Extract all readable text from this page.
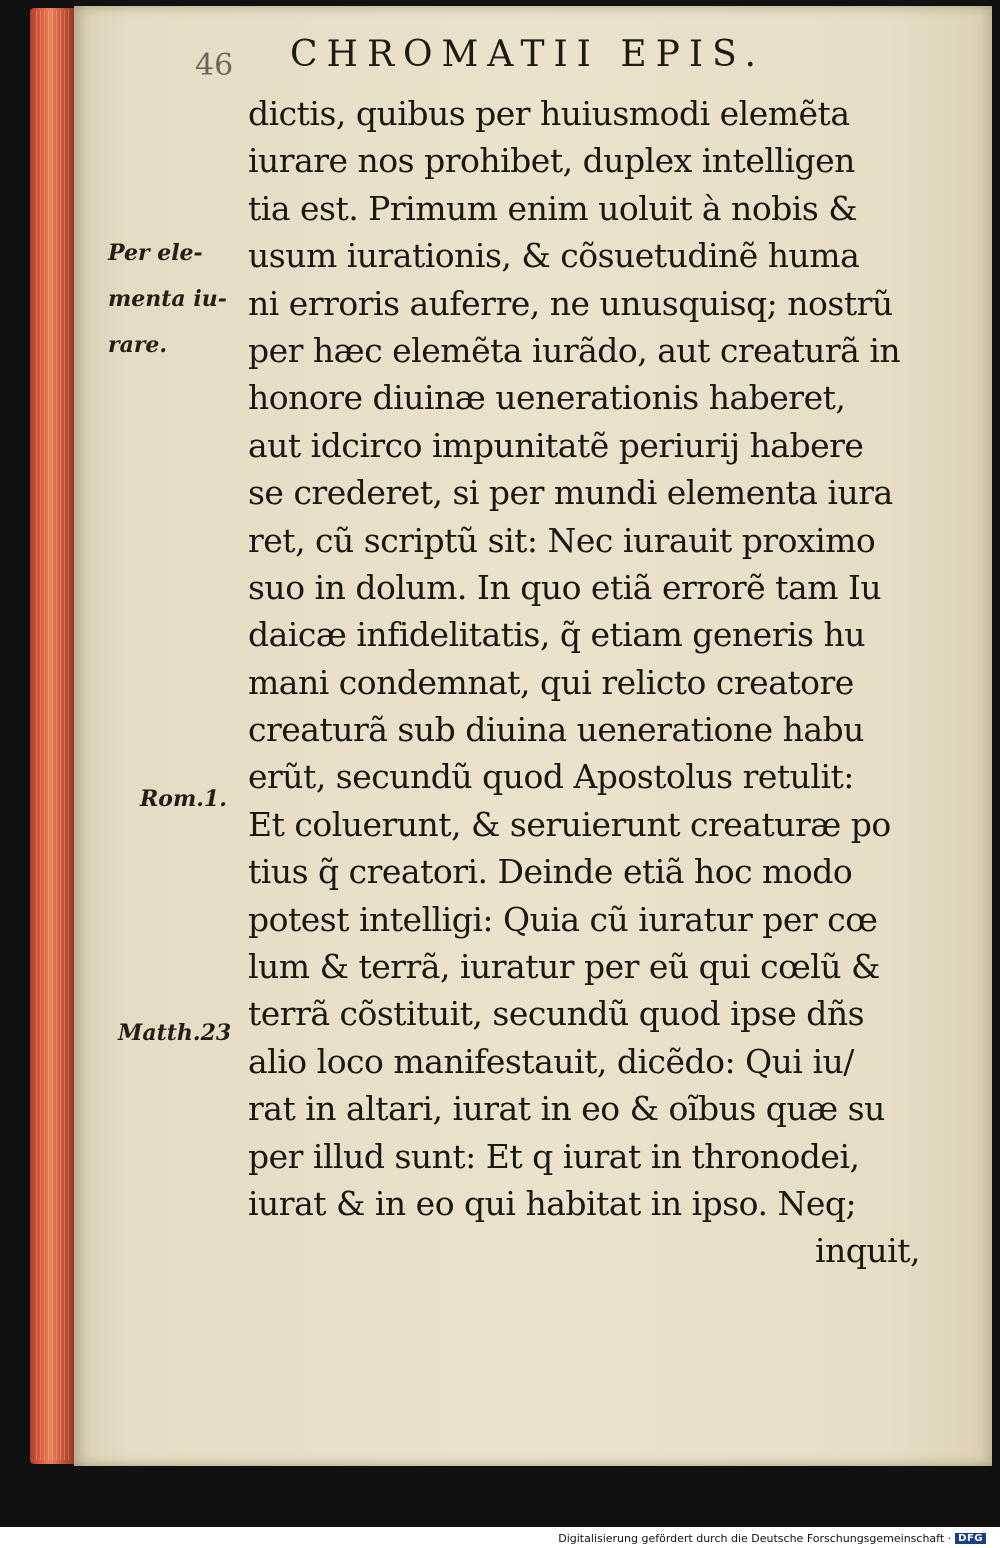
46 CHROMATII EPIS.
dictis, quibus per huiusmodi elemẽta
iurare nos prohibet, duplex intelligen
tia est. Primum enim uoluit à nobis &
usum iurationis, & cõsuetudinẽ huma
ni erroris auferre, ne unusquisq; nostrũ
per hæc elemẽta iurãdo, aut creaturã in
honore diuinæ uenerationis haberet,
aut idcirco impunitatẽ periurij habere
se crederet, si per mundi elementa iura
ret, cũ scriptũ sit: Nec iurauit proximo
suo in dolum. In quo etiã errorẽ tam Iu
daicæ infidelitatis, q̃ etiam generis hu
mani condemnat, qui relicto creatore
creaturã sub diuina ueneratione habu
erũt, secundũ quod Apostolus retulit:
Et coluerunt, & seruierunt creaturæ po
tius q̃ creatori. Deinde etiã hoc modo
potest intelligi: Quia cũ iuratur per cœ
lum & terrã, iuratur per eũ qui cœlũ &
terrã cõstituit, secundũ quod ipse dñs
alio loco manifestauit, dicẽdo: Qui iu/
rat in altari, iurat in eo & oĩbus quæ su
per illud sunt: Et q iurat in thronodei,
iurat & in eo qui habitat in ipso. Neq;
inquit,
Per ele-
menta iu-
rare.
Rom.1.
Matth.23
Digitalisierung gefördert durch die Deutsche Forschungsgemeinschaft · DFG
